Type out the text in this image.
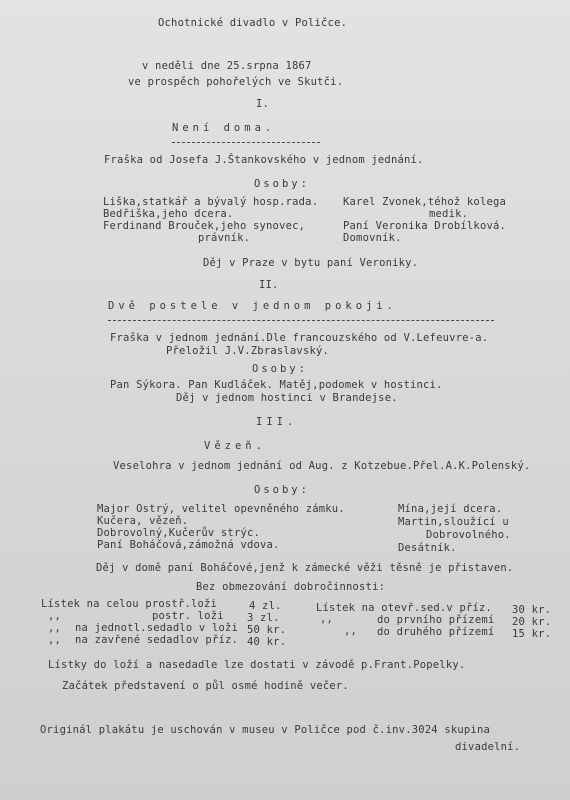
Ochotnické divadlo v Poličce.
v neděli dne 25.srpna 1867
ve prospěch pohořelých ve Skutči.
I.
Není doma.
Fraška od Josefa J.Štankovského v jednom jednání.
Osoby:
Liška,statkář a bývalý hosp.rada.
Bedřiška,jeho dcera.
Ferdinand Brouček,jeho synovec,
právník.
Karel Zvonek,téhož kolega
medik.
Paní Veronika Drobílková.
Domovník.
Děj v Praze v bytu paní Veroniky.
II.
Dvě postele v jednom pokoji.
Fraška v jednom jednání.Dle francouzského od V.Lefeuvre-a.
Přeložil J.V.Zbraslavský.
Osoby:
Pan Sýkora. Pan Kudláček. Matěj,podomek v hostinci.
Děj v jednom hostinci v Brandejse.
III.
Vězeň.
Veselohra v jednom jednání od Aug. z Kotzebue.Přel.A.K.Polenský.
Osoby:
Major Ostrý, velitel opevněného zámku.
Kučera, vězeň.
Dobrovolný,Kučerův strýc.
Paní Boháčová,zámožná vdova.
Mína,její dcera.
Martin,sloužící u
Dobrovolného.
Desátník.
Děj v domě paní Boháčové,jenž k zámecké věži těsně je přistaven.
Bez obmezování dobročinnosti:
Lístek na celou prostř.loži	4 zl.
,,	postr. loži 3 zl.
,, na jednotl.sedadlo v loži 50 kr.
,, na zavřené sedadlov příz. 40 kr.
Lístek na otevř.sed.v příz. 30 kr.
,,	do prvního přízemí 20 kr.
,, do druhého přízemí 15 kr.
Lístky do loží a nasedadle lze dostati v závodě p.Frant.Popelky.
Začátek představení o půl osmé hodině večer.
Originál plakátu je uschován v museu v Poličce pod č.inv.3024 skupina
divadelní.
